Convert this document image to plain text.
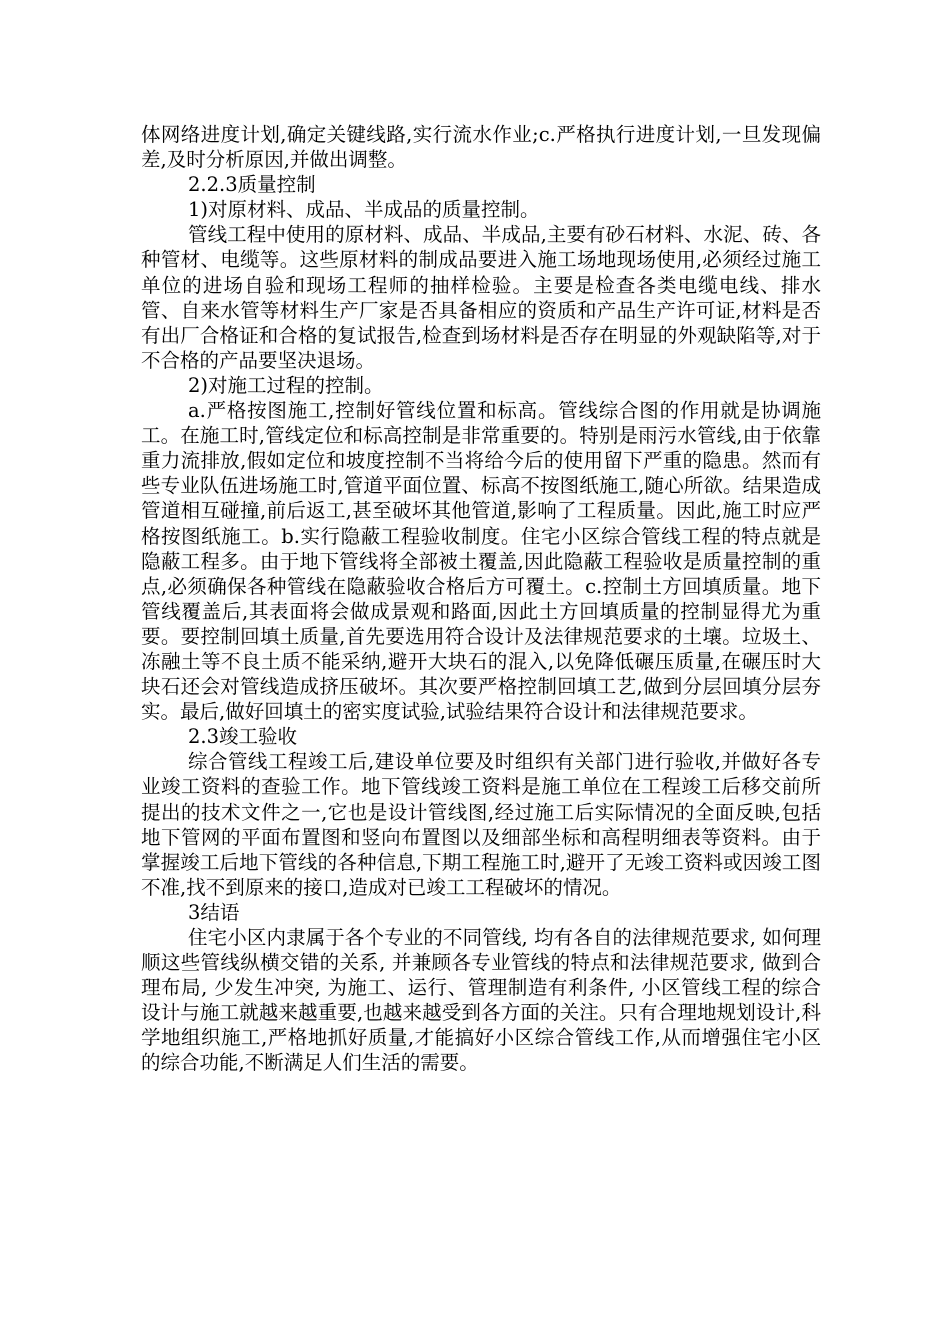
体网络进度计划,确定关键线路,实行流水作业;c.严格执行进度计划,一旦发现偏差,及时分析原因,并做出调整。

2.2.3质量控制

1)对原材料、成品、半成品的质量控制。

管线工程中使用的原材料、成品、半成品,主要有砂石材料、水泥、砖、各种管材、电缆等。这些原材料的制成品要进入施工场地现场使用,必须经过施工单位的进场自验和现场工程师的抽样检验。主要是检查各类电缆电线、排水管、自来水管等材料生产厂家是否具备相应的资质和产品生产许可证,材料是否有出厂合格证和合格的复试报告,检查到场材料是否存在明显的外观缺陷等,对于不合格的产品要坚决退场。

2)对施工过程的控制。

a.严格按图施工,控制好管线位置和标高。管线综合图的作用就是协调施工。在施工时,管线定位和标高控制是非常重要的。特别是雨污水管线,由于依靠重力流排放,假如定位和坡度控制不当将给今后的使用留下严重的隐患。然而有些专业队伍进场施工时,管道平面位置、标高不按图纸施工,随心所欲。结果造成管道相互碰撞,前后返工,甚至破坏其他管道,影响了工程质量。因此,施工时应严格按图纸施工。b.实行隐蔽工程验收制度。住宅小区综合管线工程的特点就是隐蔽工程多。由于地下管线将全部被土覆盖,因此隐蔽工程验收是质量控制的重点,必须确保各种管线在隐蔽验收合格后方可覆土。c.控制土方回填质量。地下管线覆盖后,其表面将会做成景观和路面,因此土方回填质量的控制显得尤为重要。要控制回填土质量,首先要选用符合设计及法律规范要求的土壤。垃圾土、冻融土等不良土质不能采纳,避开大块石的混入,以免降低碾压质量,在碾压时大块石还会对管线造成挤压破坏。其次要严格控制回填工艺,做到分层回填分层夯实。最后,做好回填土的密实度试验,试验结果符合设计和法律规范要求。

2.3竣工验收

综合管线工程竣工后,建设单位要及时组织有关部门进行验收,并做好各专业竣工资料的查验工作。地下管线竣工资料是施工单位在工程竣工后移交前所提出的技术文件之一,它也是设计管线图,经过施工后实际情况的全面反映,包括地下管网的平面布置图和竖向布置图以及细部坐标和高程明细表等资料。由于掌握竣工后地下管线的各种信息,下期工程施工时,避开了无竣工资料或因竣工图不准,找不到原来的接口,造成对已竣工工程破坏的情况。

3结语

住宅小区内隶属于各个专业的不同管线, 均有各自的法律规范要求, 如何理顺这些管线纵横交错的关系, 并兼顾各专业管线的特点和法律规范要求, 做到合理布局, 少发生冲突, 为施工、运行、管理制造有利条件, 小区管线工程的综合设计与施工就越来越重要,也越来越受到各方面的关注。只有合理地规划设计,科学地组织施工,严格地抓好质量,才能搞好小区综合管线工作,从而增强住宅小区的综合功能,不断满足人们生活的需要。
